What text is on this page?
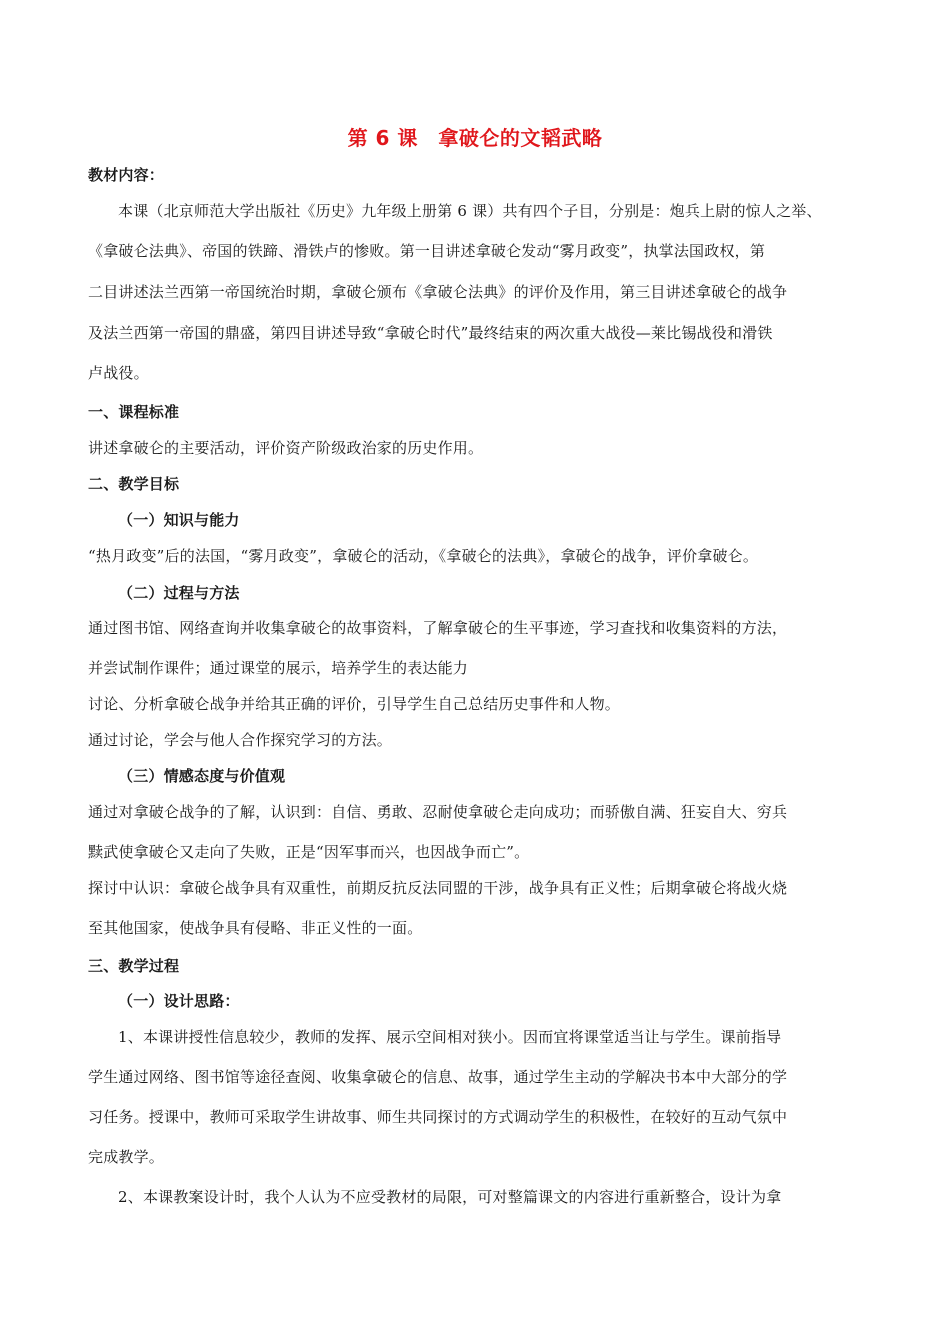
第 6 课　拿破仑的文韬武略
教材内容：
本课（北京师范大学出版社《历史》九年级上册第 6 课）共有四个子目，分别是：炮兵上尉的惊人之举、
《拿破仑法典》、帝国的铁蹄、滑铁卢的惨败。第一目讲述拿破仑发动“雾月政变”，执掌法国政权，第
二目讲述法兰西第一帝国统治时期，拿破仑颁布《拿破仑法典》的评价及作用，第三目讲述拿破仑的战争
及法兰西第一帝国的鼎盛，第四目讲述导致“拿破仑时代”最终结束的两次重大战役—莱比锡战役和滑铁
卢战役。
一、课程标准
讲述拿破仑的主要活动，评价资产阶级政治家的历史作用。
二、教学目标
（一）知识与能力
“热月政变”后的法国，“雾月政变”，拿破仑的活动，《拿破仑的法典》，拿破仑的战争，评价拿破仑。
（二）过程与方法
通过图书馆、网络查询并收集拿破仑的故事资料，了解拿破仑的生平事迹，学习查找和收集资料的方法，
并尝试制作课件；通过课堂的展示，培养学生的表达能力
讨论、分析拿破仑战争并给其正确的评价，引导学生自己总结历史事件和人物。
通过讨论，学会与他人合作探究学习的方法。
（三）情感态度与价值观
通过对拿破仑战争的了解，认识到：自信、勇敢、忍耐使拿破仑走向成功；而骄傲自满、狂妄自大、穷兵
黩武使拿破仑又走向了失败，正是“因军事而兴，也因战争而亡”。
探讨中认识：拿破仑战争具有双重性，前期反抗反法同盟的干涉，战争具有正义性；后期拿破仑将战火烧
至其他国家，使战争具有侵略、非正义性的一面。
三、教学过程
（一）设计思路：
1、本课讲授性信息较少，教师的发挥、展示空间相对狭小。因而宜将课堂适当让与学生。课前指导
学生通过网络、图书馆等途径查阅、收集拿破仑的信息、故事，通过学生主动的学解决书本中大部分的学
习任务。授课中，教师可采取学生讲故事、师生共同探讨的方式调动学生的积极性，在较好的互动气氛中
完成教学。
2、本课教案设计时，我个人认为不应受教材的局限，可对整篇课文的内容进行重新整合，设计为拿
